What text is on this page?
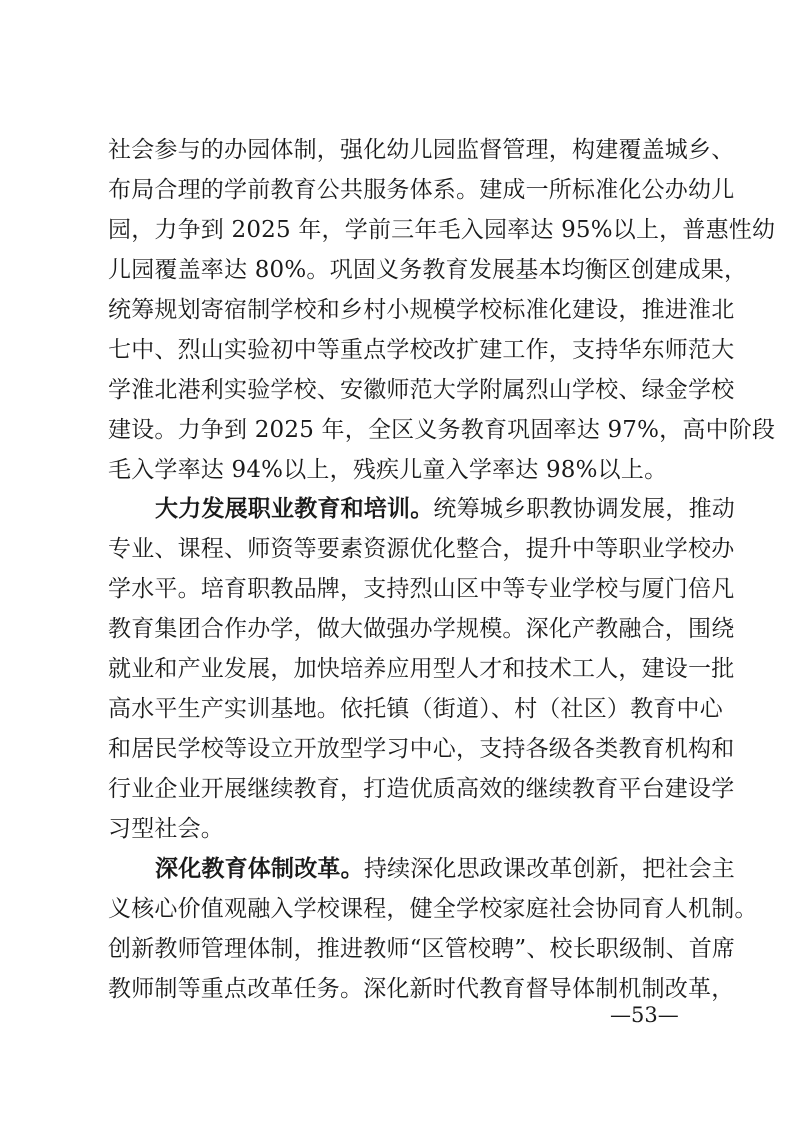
社会参与的办园体制，强化幼儿园监督管理，构建覆盖城乡、
布局合理的学前教育公共服务体系。建成一所标准化公办幼儿
园，力争到 2025 年，学前三年毛入园率达 95%以上，普惠性幼
儿园覆盖率达 80%。巩固义务教育发展基本均衡区创建成果，
统筹规划寄宿制学校和乡村小规模学校标准化建设，推进淮北
七中、烈山实验初中等重点学校改扩建工作，支持华东师范大
学淮北港利实验学校、安徽师范大学附属烈山学校、绿金学校
建设。力争到 2025 年，全区义务教育巩固率达 97%，高中阶段
毛入学率达 94%以上，残疾儿童入学率达 98%以上。
大力发展职业教育和培训。统筹城乡职教协调发展，推动
专业、课程、师资等要素资源优化整合，提升中等职业学校办
学水平。培育职教品牌，支持烈山区中等专业学校与厦门倍凡
教育集团合作办学，做大做强办学规模。深化产教融合，围绕
就业和产业发展，加快培养应用型人才和技术工人，建设一批
高水平生产实训基地。依托镇（街道）、村（社区）教育中心
和居民学校等设立开放型学习中心，支持各级各类教育机构和
行业企业开展继续教育，打造优质高效的继续教育平台建设学
习型社会。
深化教育体制改革。持续深化思政课改革创新，把社会主
义核心价值观融入学校课程，健全学校家庭社会协同育人机制。
创新教师管理体制，推进教师“区管校聘”、校长职级制、首席
教师制等重点改革任务。深化新时代教育督导体制机制改革，
—53—
